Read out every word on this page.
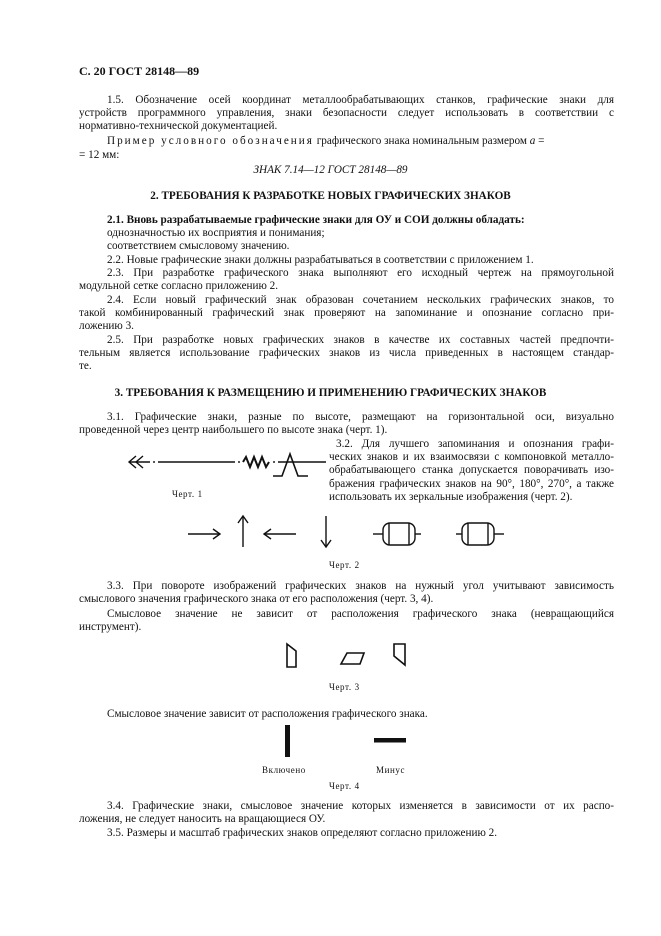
С. 20 ГОСТ 28148—89
1.5. Обозначение осей координат металлообрабатывающих станков, графические знаки для
устройств программного управления, знаки безопасности следует использовать в соответствии с
нормативно-технической документацией.
Пример условного обозначения графического знака номинальным размером a =
= 12 мм:
ЗНАК 7.14—12 ГОСТ 28148—89
2. ТРЕБОВАНИЯ К РАЗРАБОТКЕ НОВЫХ ГРАФИЧЕСКИХ ЗНАКОВ
2.1. Вновь разрабатываемые графические знаки для ОУ и СОИ должны обладать:
однозначностью их восприятия и понимания;
соответствием смысловому значению.
2.2. Новые графические знаки должны разрабатываться в соответствии с приложением 1.
2.3. При разработке графического знака выполняют его исходный чертеж на прямоугольной
модульной сетке согласно приложению 2.
2.4. Если новый графический знак образован сочетанием нескольких графических знаков, то
такой комбинированный графический знак проверяют на запоминание и опознание согласно при-
ложению 3.
2.5. При разработке новых графических знаков в качестве их составных частей предпочти-
тельным является использование графических знаков из числа приведенных в настоящем стандар-
те.
3. ТРЕБОВАНИЯ К РАЗМЕЩЕНИЮ И ПРИМЕНЕНИЮ ГРАФИЧЕСКИХ ЗНАКОВ
3.1. Графические знаки, разные по высоте, размещают на горизонтальной оси, визуально
проведенной через центр наибольшего по высоте знака (черт. 1).
3.2. Для лучшего запоминания и опознания графи-
ческих знаков и их взаимосвязи с компоновкой металло-
обрабатывающего станка допускается поворачивать изо-
бражения графических знаков на 90°, 180°, 270°, а также
использовать их зеркальные изображения (черт. 2).
Черт. 1
Черт. 2
3.3. При повороте изображений графических знаков на нужный угол учитывают зависимость
смыслового значения графического знака от его расположения (черт. 3, 4).
Смысловое значение не зависит от расположения графического знака (невращающийся
инструмент).
Черт. 3
Смысловое значение зависит от расположения графического знака.
Включено	Минус
Черт. 4
3.4. Графические знаки, смысловое значение которых изменяется в зависимости от их распо-
ложения, не следует наносить на вращающиеся ОУ.
3.5. Размеры и масштаб графических знаков определяют согласно приложению 2.
